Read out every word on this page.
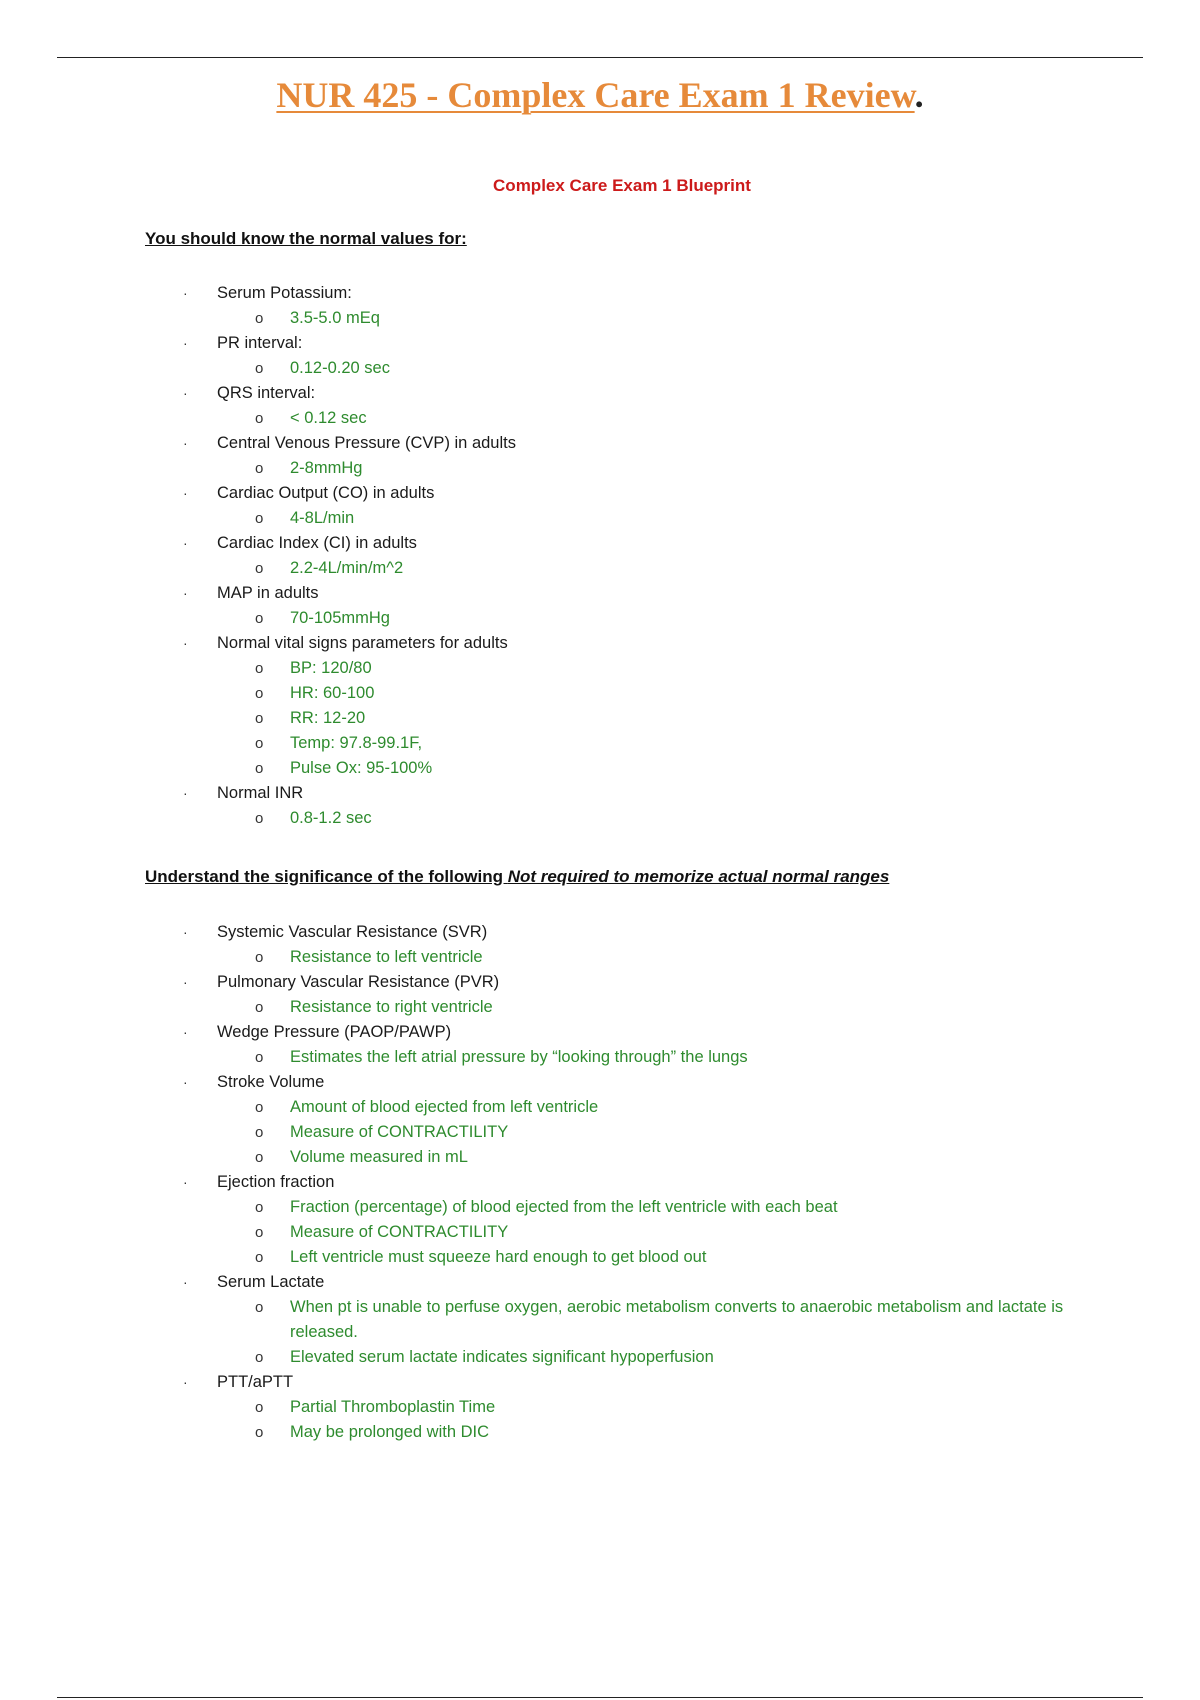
NUR 425 - Complex Care Exam 1 Review.

Complex Care Exam 1 Blueprint

You should know the normal values for:
· Serum Potassium:
o 3.5-5.0 mEq
· PR interval:
o 0.12-0.20 sec
· QRS interval:
o < 0.12 sec
· Central Venous Pressure (CVP) in adults
o 2-8mmHg
· Cardiac Output (CO) in adults
o 4-8L/min
· Cardiac Index (CI) in adults
o 2.2-4L/min/m^2
· MAP in adults
o 70-105mmHg
· Normal vital signs parameters for adults
o BP: 120/80
o HR: 60-100
o RR: 12-20
o Temp: 97.8-99.1F,
o Pulse Ox: 95-100%
· Normal INR
o 0.8-1.2 sec
Understand the significance of the following Not required to memorize actual normal ranges
· Systemic Vascular Resistance (SVR)
o Resistance to left ventricle
· Pulmonary Vascular Resistance (PVR)
o Resistance to right ventricle
· Wedge Pressure (PAOP/PAWP)
o Estimates the left atrial pressure by “looking through” the lungs
· Stroke Volume
o Amount of blood ejected from left ventricle
o Measure of CONTRACTILITY
o Volume measured in mL
· Ejection fraction
o Fraction (percentage) of blood ejected from the left ventricle with each beat
o Measure of CONTRACTILITY
o Left ventricle must squeeze hard enough to get blood out
· Serum Lactate
o When pt is unable to perfuse oxygen, aerobic metabolism converts to anaerobic metabolism and lactate is released.
o Elevated serum lactate indicates significant hypoperfusion
· PTT/aPTT
o Partial Thromboplastin Time
o May be prolonged with DIC
